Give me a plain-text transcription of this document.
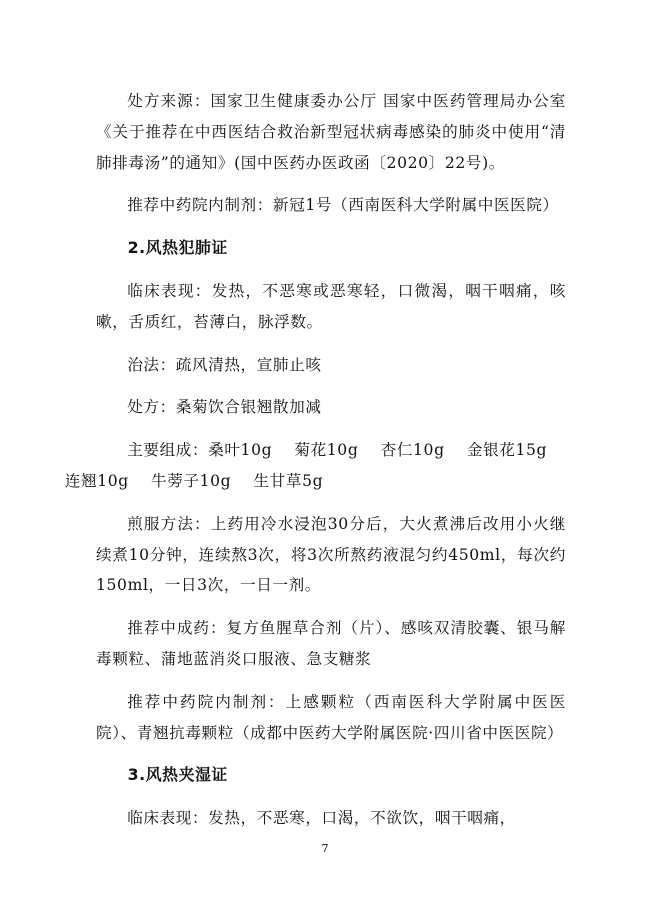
处方来源：国家卫生健康委办公厅 国家中医药管理局办公室《关于推荐在中西医结合救治新型冠状病毒感染的肺炎中使用“清肺排毒汤”的通知》(国中医药办医政函〔2020〕22号)。

推荐中药院内制剂：新冠1号（西南医科大学附属中医医院）

2.风热犯肺证

临床表现：发热，不恶寒或恶寒轻，口微渴，咽干咽痛，咳嗽，舌质红，苔薄白，脉浮数。

治法：疏风清热，宣肺止咳

处方：桑菊饮合银翘散加减

主要组成：桑叶10g    菊花10g    杏仁10g    金银花15g
连翘10g    牛蒡子10g    生甘草5g

煎服方法：上药用冷水浸泡30分后，大火煮沸后改用小火继续煮10分钟，连续熬3次，将3次所熬药液混匀约450ml，每次约150ml，一日3次，一日一剂。

推荐中成药：复方鱼腥草合剂（片）、感咳双清胶囊、银马解毒颗粒、蒲地蓝消炎口服液、急支糖浆

推荐中药院内制剂：上感颗粒（西南医科大学附属中医医院）、青翘抗毒颗粒（成都中医药大学附属医院·四川省中医医院）

3.风热夹湿证

临床表现：发热，不恶寒，口渴，不欲饮，咽干咽痛，

7
